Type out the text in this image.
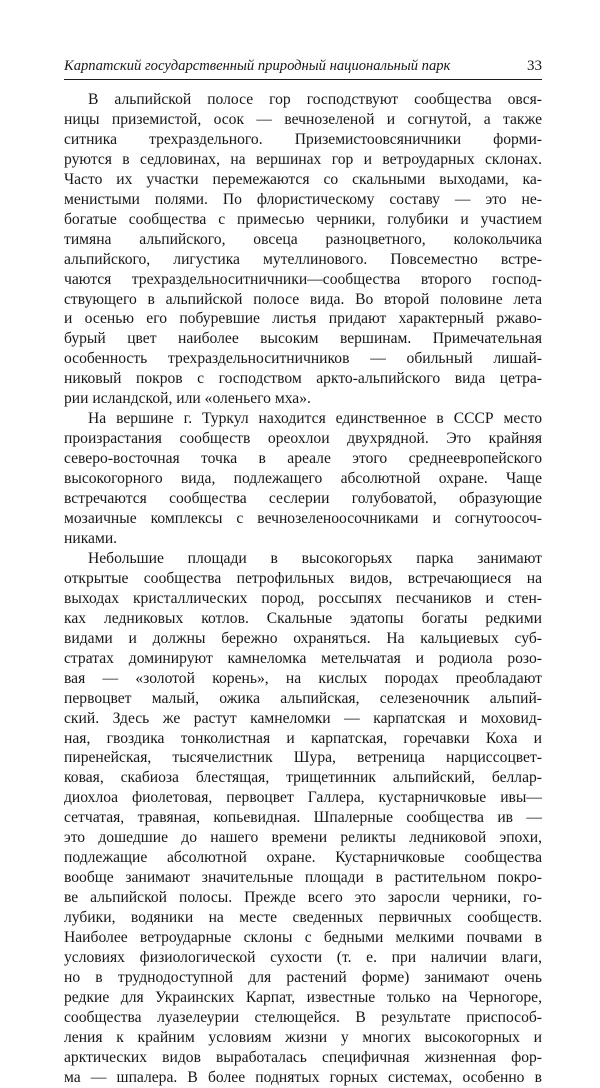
Карпатский государственный природный национальный парк	33

В альпийской полосе гор господствуют сообщества овся-
ницы приземистой, осок — вечнозеленой и согнутой, а также
ситника трехраздельного. Приземистоовсяничники форми-
руются в седловинах, на вершинах гор и ветроударных склонах.
Часто их участки перемежаются со скальными выходами, ка-
менистыми полями. По флористическому составу — это не-
богатые сообщества с примесью черники, голубики и участием
тимяна альпийского, овсеца разноцветного, колокольчика
альпийского, лигустика мутеллинового. Повсеместно встре-
чаются трехраздельноситничники—сообщества второго господ-
ствующего в альпийской полосе вида. Во второй половине лета
и осенью его побуревшие листья придают характерный ржаво-
бурый цвет наиболее высоким вершинам. Примечательная
особенность трехраздельноситничников — обильный лишай-
никовый покров с господством аркто-альпийского вида цетра-
рии исландской, или «оленьего мха».

На вершине г. Туркул находится единственное в СССР место
произрастания сообществ ореохлои двухрядной. Это крайняя
северо-восточная точка в ареале этого среднеевропейского
высокогорного вида, подлежащего абсолютной охране. Чаще
встречаются сообщества сеслерии голубоватой, образующие
мозаичные комплексы с вечнозеленоосочниками и согнутоосоч-
никами.

Небольшие площади в высокогорьях парка занимают
открытые сообщества петрофильных видов, встречающиеся на
выходах кристаллических пород, россыпях песчаников и стен-
ках ледниковых котлов. Скальные эдатопы богаты редкими
видами и должны бережно охраняться. На кальциевых суб-
стратах доминируют камнеломка метельчатая и родиола розо-
вая — «золотой корень», на кислых породах преобладают
первоцвет малый, ожика альпийская, селезеночник альпий-
ский. Здесь же растут камнеломки — карпатская и моховид-
ная, гвоздика тонколистная и карпатская, горечавки Коха и
пиренейская, тысячелистник Шура, ветреница нарциссоцвет-
ковая, скабиоза блестящая, трищетинник альпийский, беллар-
диохлоа фиолетовая, первоцвет Галлера, кустарничковые ивы—
сетчатая, травяная, копьевидная. Шпалерные сообщества ив —
это дошедшие до нашего времени реликты ледниковой эпохи,
подлежащие абсолютной охране. Кустарничковые сообщества
вообще занимают значительные площади в растительном покро-
ве альпийской полосы. Прежде всего это заросли черники, го-
лубики, водяники на месте сведенных первичных сообществ.
Наиболее ветроударные склоны с бедными мелкими почвами в
условиях физиологической сухости (т. е. при наличии влаги,
но в труднодоступной для растений форме) занимают очень
редкие для Украинских Карпат, известные только на Черногоре,
сообщества луазелеурии стелющейся. В результате приспособ-
ления к крайним условиям жизни у многих высокогорных и
арктических видов выработалась специфичная жизненная фор-
ма — шпалера. В более поднятых горных системах, особенно в
